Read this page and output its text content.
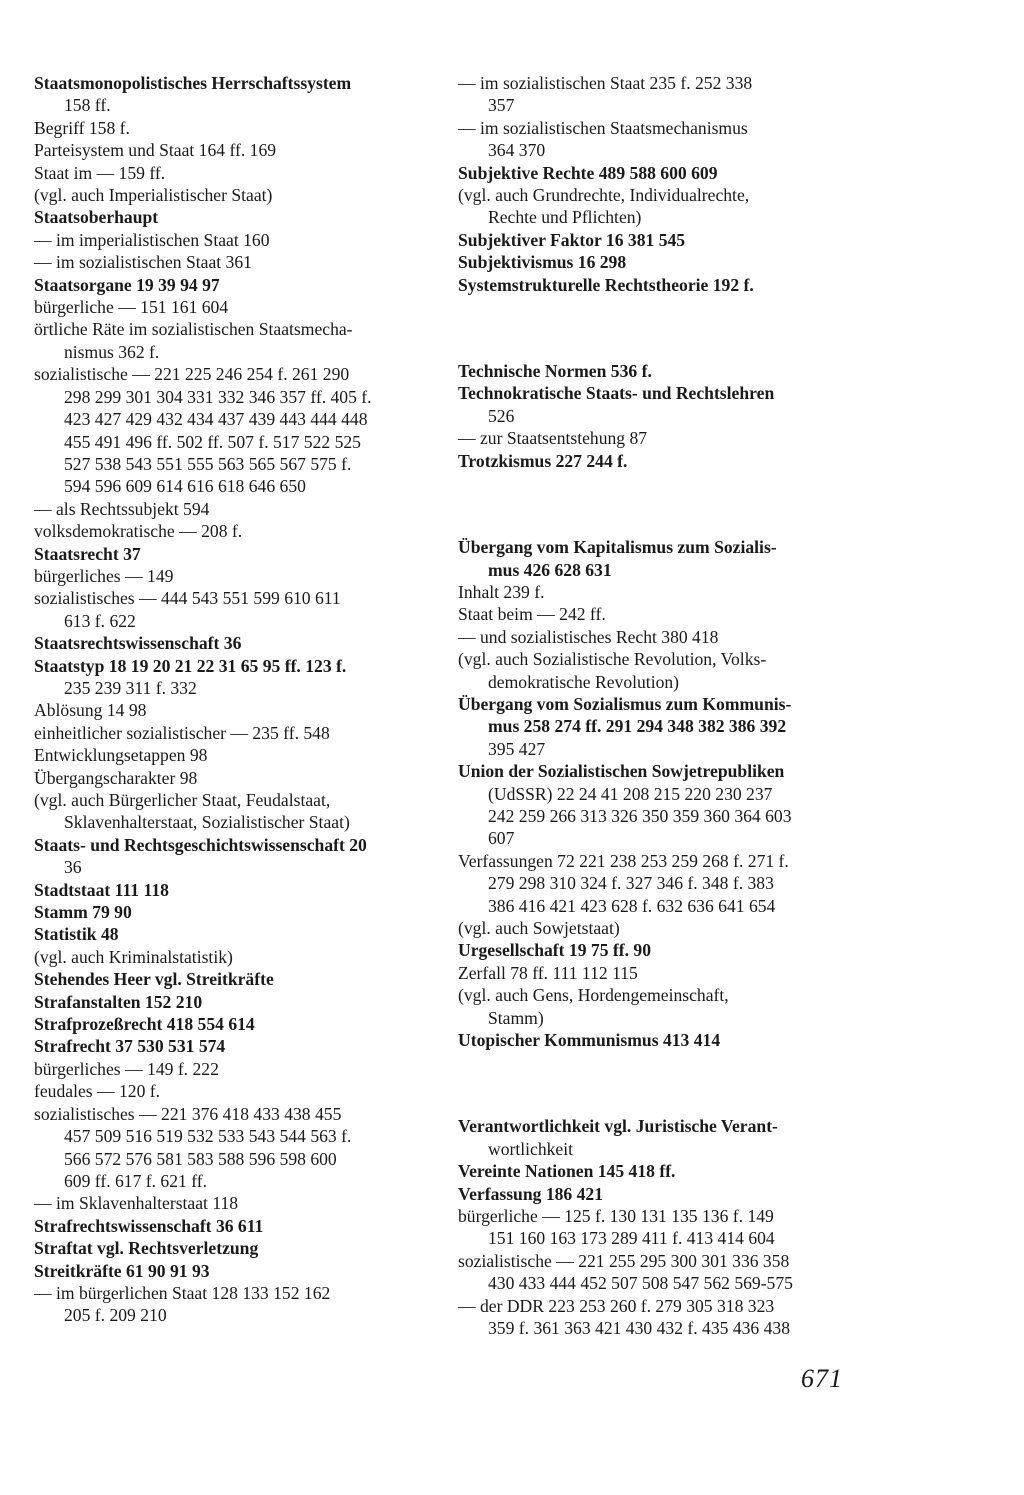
Staatsmonopolistisches Herrschaftssystem
158 ff.
Begriff 158 f.
Parteisystem und Staat 164 ff. 169
Staat im — 159 ff.
(vgl. auch Imperialistischer Staat)
Staatsoberhaupt
— im imperialistischen Staat 160
— im sozialistischen Staat 361
Staatsorgane 19 39 94 97
bürgerliche — 151 161 604
örtliche Räte im sozialistischen Staatsmecha-
nismus 362 f.
sozialistische — 221 225 246 254 f. 261 290
298 299 301 304 331 332 346 357 ff. 405 f.
423 427 429 432 434 437 439 443 444 448
455 491 496 ff. 502 ff. 507 f. 517 522 525
527 538 543 551 555 563 565 567 575 f.
594 596 609 614 616 618 646 650
— als Rechtssubjekt 594
volksdemokratische — 208 f.
Staatsrecht 37
bürgerliches — 149
sozialistisches — 444 543 551 599 610 611
613 f. 622
Staatsrechtswissenschaft 36
Staatstyp 18 19 20 21 22 31 65 95 ff. 123 f.
235 239 311 f. 332
Ablösung 14 98
einheitlicher sozialistischer — 235 ff. 548
Entwicklungsetappen 98
Übergangscharakter 98
(vgl. auch Bürgerlicher Staat, Feudalstaat,
Sklavenhalterstaat, Sozialistischer Staat)
Staats- und Rechtsgeschichtswissenschaft 20
36
Stadtstaat 111 118
Stamm 79 90
Statistik 48
(vgl. auch Kriminalstatistik)
Stehendes Heer vgl. Streitkräfte
Strafanstalten 152 210
Strafprozeßrecht 418 554 614
Strafrecht 37 530 531 574
bürgerliches — 149 f. 222
feudales — 120 f.
sozialistisches — 221 376 418 433 438 455
457 509 516 519 532 533 543 544 563 f.
566 572 576 581 583 588 596 598 600
609 ff. 617 f. 621 ff.
— im Sklavenhalterstaat 118
Strafrechtswissenschaft 36 611
Straftat vgl. Rechtsverletzung
Streitkräfte 61 90 91 93
— im bürgerlichen Staat 128 133 152 162
205 f. 209 210
— im sozialistischen Staat 235 f. 252 338
357
— im sozialistischen Staatsmechanismus
364 370
Subjektive Rechte 489 588 600 609
(vgl. auch Grundrechte, Individualrechte,
Rechte und Pflichten)
Subjektiver Faktor 16 381 545
Subjektivismus 16 298
Systemstrukturelle Rechtstheorie 192 f.
Technische Normen 536 f.
Technokratische Staats- und Rechtslehren
526
— zur Staatsentstehung 87
Trotzkismus 227 244 f.
Übergang vom Kapitalismus zum Sozialis-
mus 426 628 631
Inhalt 239 f.
Staat beim — 242 ff.
— und sozialistisches Recht 380 418
(vgl. auch Sozialistische Revolution, Volks-
demokratische Revolution)
Übergang vom Sozialismus zum Kommunis-
mus 258 274 ff. 291 294 348 382 386 392
395 427
Union der Sozialistischen Sowjetrepubliken
(UdSSR) 22 24 41 208 215 220 230 237
242 259 266 313 326 350 359 360 364 603
607
Verfassungen 72 221 238 253 259 268 f. 271 f.
279 298 310 324 f. 327 346 f. 348 f. 383
386 416 421 423 628 f. 632 636 641 654
(vgl. auch Sowjetstaat)
Urgesellschaft 19 75 ff. 90
Zerfall 78 ff. 111 112 115
(vgl. auch Gens, Hordengemeinschaft,
Stamm)
Utopischer Kommunismus 413 414
Verantwortlichkeit vgl. Juristische Verant-
wortlichkeit
Vereinte Nationen 145 418 ff.
Verfassung 186 421
bürgerliche — 125 f. 130 131 135 136 f. 149
151 160 163 173 289 411 f. 413 414 604
sozialistische — 221 255 295 300 301 336 358
430 433 444 452 507 508 547 562 569-575
— der DDR 223 253 260 f. 279 305 318 323
359 f. 361 363 421 430 432 f. 435 436 438
671
